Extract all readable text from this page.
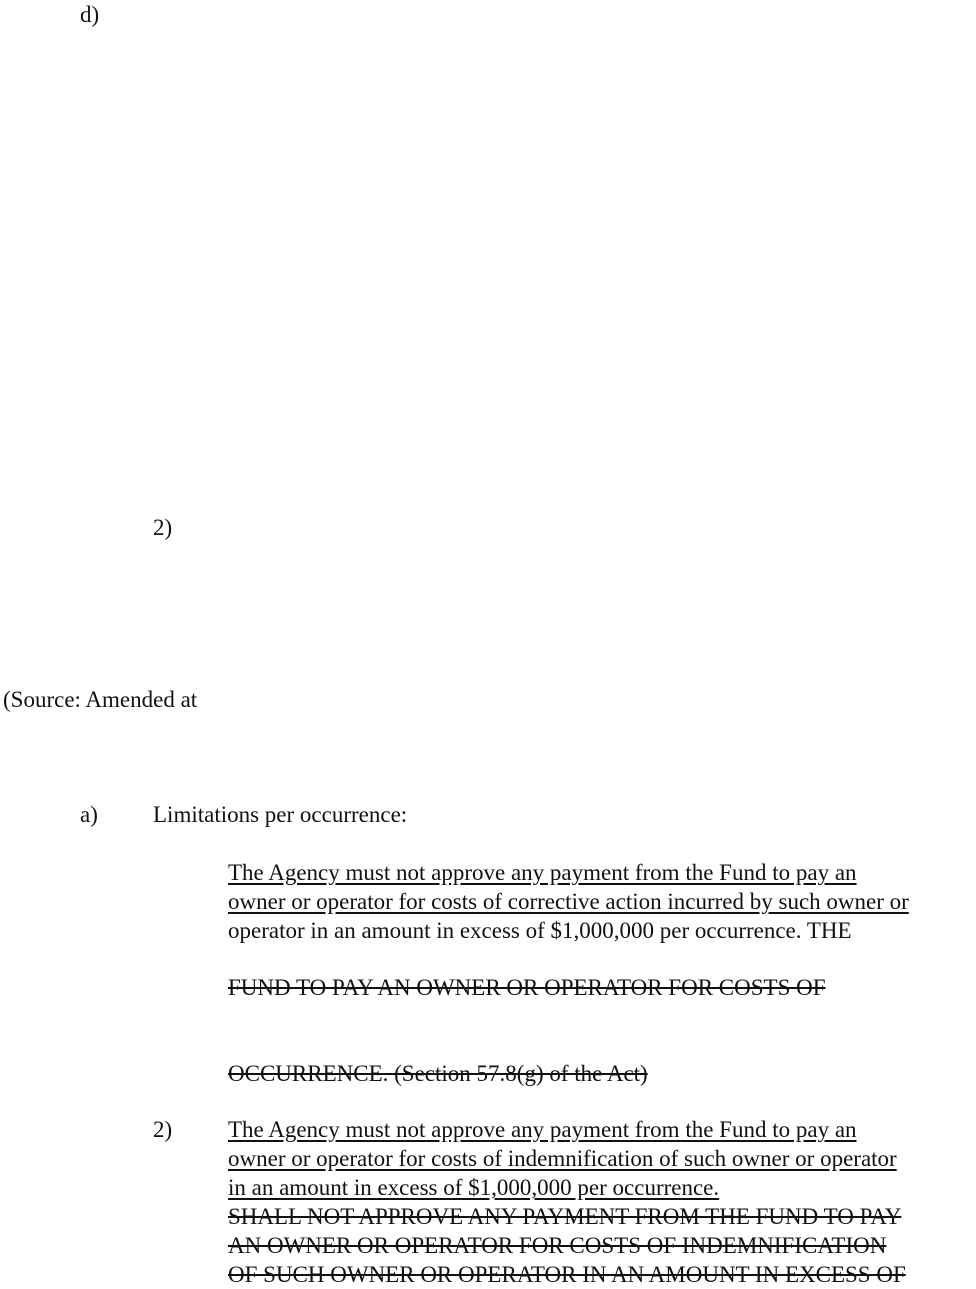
d)
2)
(Source: Amended at
a) Limitations per occurrence:
The Agency must not approve any payment from the Fund to pay an
owner or operator for costs of corrective action incurred by such owner or
operator in an amount in excess of $1,000,000 per occurrence. THE
FUND TO PAY AN OWNER OR OPERATOR FOR COSTS OF
OCCURRENCE. (Section 57.8(g) of the Act)
2) The Agency must not approve any payment from the Fund to pay an
owner or operator for costs of indemnification of such owner or operator
in an amount in excess of $1,000,000 per occurrence.
SHALL NOT APPROVE ANY PAYMENT FROM THE FUND TO PAY
AN OWNER OR OPERATOR FOR COSTS OF INDEMNIFICATION
OF SUCH OWNER OR OPERATOR IN AN AMOUNT IN EXCESS OF
